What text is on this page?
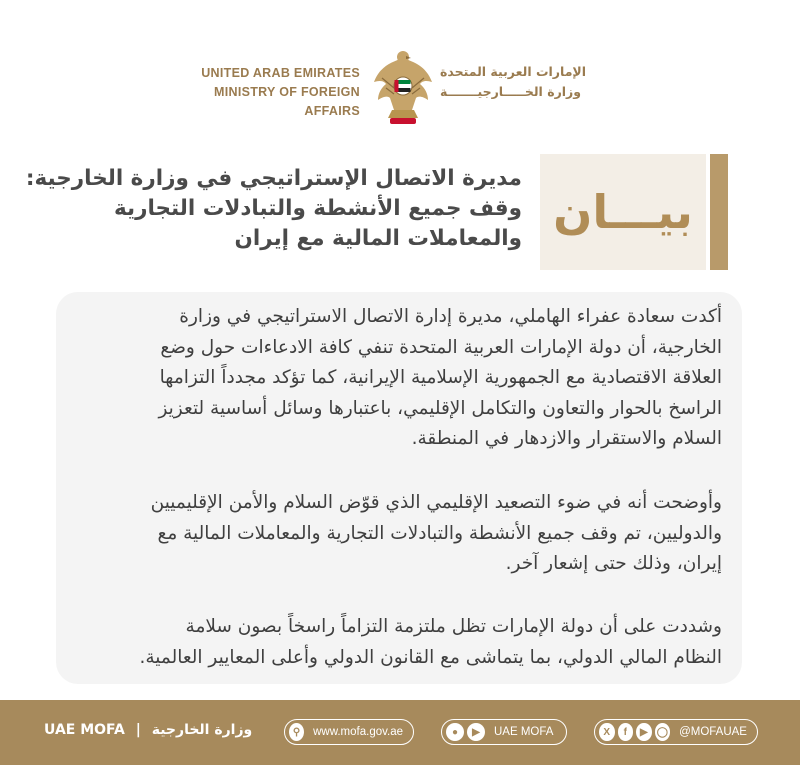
UNITED ARAB EMIRATES
MINISTRY OF FOREIGN AFFAIRS
الإمارات العربية المتحدة
وزارة الخـــــارجيـــــــة
بيـــان
مديرة الاتصال الإستراتيجي في وزارة الخارجية:
وقف جميع الأنشطة والتبادلات التجارية
والمعاملات المالية مع إيران
أكدت سعادة عفراء الهاملي، مديرة إدارة الاتصال الاستراتيجي في وزارة
الخارجية، أن دولة الإمارات العربية المتحدة تنفي كافة الادعاءات حول وضع
العلاقة الاقتصادية مع الجمهورية الإسلامية الإيرانية، كما تؤكد مجدداً التزامها
الراسخ بالحوار والتعاون والتكامل الإقليمي، باعتبارها وسائل أساسية لتعزيز
السلام والاستقرار والازدهار في المنطقة.
وأوضحت أنه في ضوء التصعيد الإقليمي الذي قوّض السلام والأمن الإقليميين
والدوليين، تم وقف جميع الأنشطة والتبادلات التجارية والمعاملات المالية مع
إيران، وذلك حتى إشعار آخر.
وشددت على أن دولة الإمارات تظل ملتزمة التزاماً راسخاً بصون سلامة
النظام المالي الدولي، بما يتماشى مع القانون الدولي وأعلى المعايير العالمية.
UAE MOFA | وزارة الخارجية	⚲	www.mofa.gov.ae	●	▶	UAE MOFA	X	f	▶ ◯ @MOFAUAE
